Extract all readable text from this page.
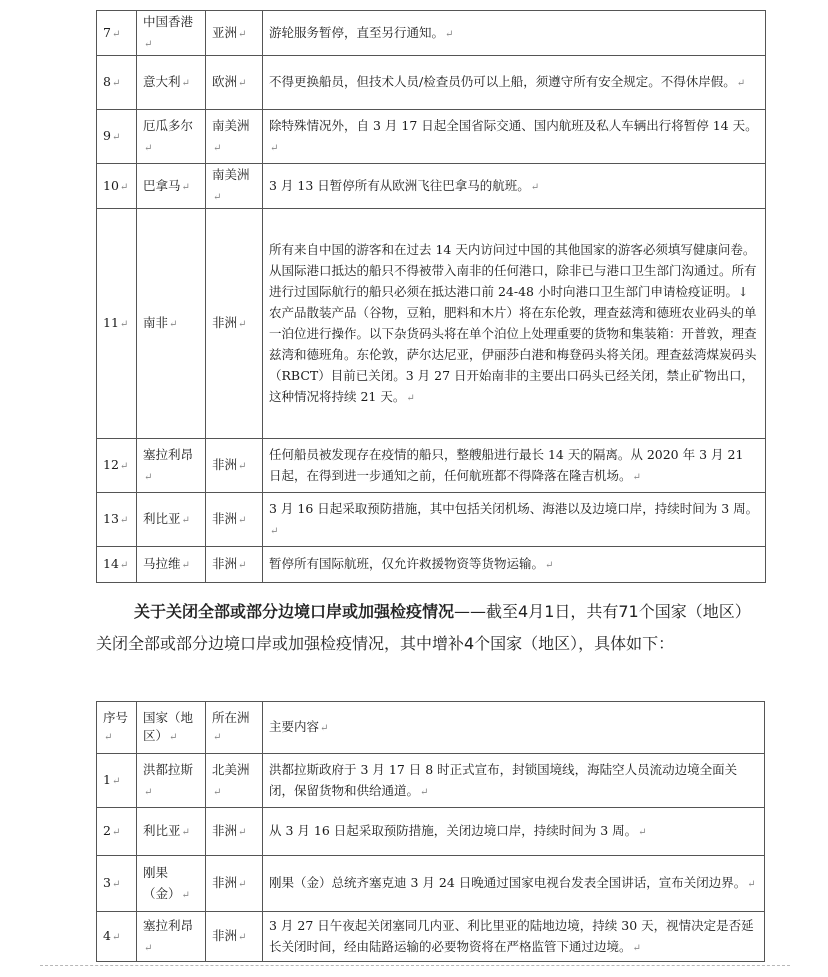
7↵	中国香港↵	亚洲↵	游轮服务暂停，直至另行通知。↵
8↵	意大利↵	欧洲↵	不得更换船员，但技术人员/检查员仍可以上船，须遵守所有安全规定。不得休岸假。↵
9↵	厄瓜多尔↵	南美洲↵	除特殊情况外，自 3 月 17 日起全国省际交通、国内航班及私人车辆出行将暂停 14 天。↵
10↵	巴拿马↵	南美洲↵	3 月 13 日暂停所有从欧洲飞往巴拿马的航班。↵
11↵	南非↵	非洲↵	所有来自中国的游客和在过去 14 天内访问过中国的其他国家的游客必须填写健康问卷。从国际港口抵达的船只不得被带入南非的任何港口，除非已与港口卫生部门沟通过。所有进行过国际航行的船只必须在抵达港口前 24-48 小时向港口卫生部门申请检疫证明。↓
农产品散装产品（谷物，豆粕，肥料和木片）将在东伦敦，理查兹湾和德班农业码头的单一泊位进行操作。以下杂货码头将在单个泊位上处理重要的货物和集装箱：开普敦，理查兹湾和德班角。东伦敦，萨尔达尼亚，伊丽莎白港和梅登码头将关闭。理查兹湾煤炭码头（RBCT）目前已关闭。3 月 27 日开始南非的主要出口码头已经关闭，禁止矿物出口，这种情况将持续 21 天。↵

12↵	塞拉利昂↵	非洲↵	任何船员被发现存在疫情的船只，整艘船进行最长 14 天的隔离。从 2020 年 3 月 21 日起，在得到进一步通知之前，任何航班都不得降落在隆吉机场。↵
13↵	利比亚↵	非洲↵	3 月 16 日起采取预防措施，其中包括关闭机场、海港以及边境口岸，持续时间为 3 周。↵
14↵	马拉维↵	非洲↵	暂停所有国际航班，仅允许救援物资等货物运输。↵

关于关闭全部或部分边境口岸或加强检疫情况——截至4月1日，共有71个国家（地区）关闭全部或部分边境口岸或加强检疫情况，其中增补4个国家（地区），具体如下：

序号↵	国家（地区）↵	所在洲↵	主要内容↵
1↵	洪都拉斯↵	北美洲↵	洪都拉斯政府于 3 月 17 日 8 时正式宣布，封锁国境线，海陆空人员流动边境全面关闭，保留货物和供给通道。↵
2↵	利比亚↵	非洲↵	从 3 月 16 日起采取预防措施，关闭边境口岸，持续时间为 3 周。↵
3↵	刚果（金）↵	非洲↵	刚果（金）总统齐塞克迪 3 月 24 日晚通过国家电视台发表全国讲话，宣布关闭边界。↵
4↵	塞拉利昂↵	非洲↵	3 月 27 日午夜起关闭塞同几内亚、利比里亚的陆地边境，持续 30 天，视情决定是否延长关闭时间，经由陆路运输的必要物资将在严格监管下通过边境。↵
